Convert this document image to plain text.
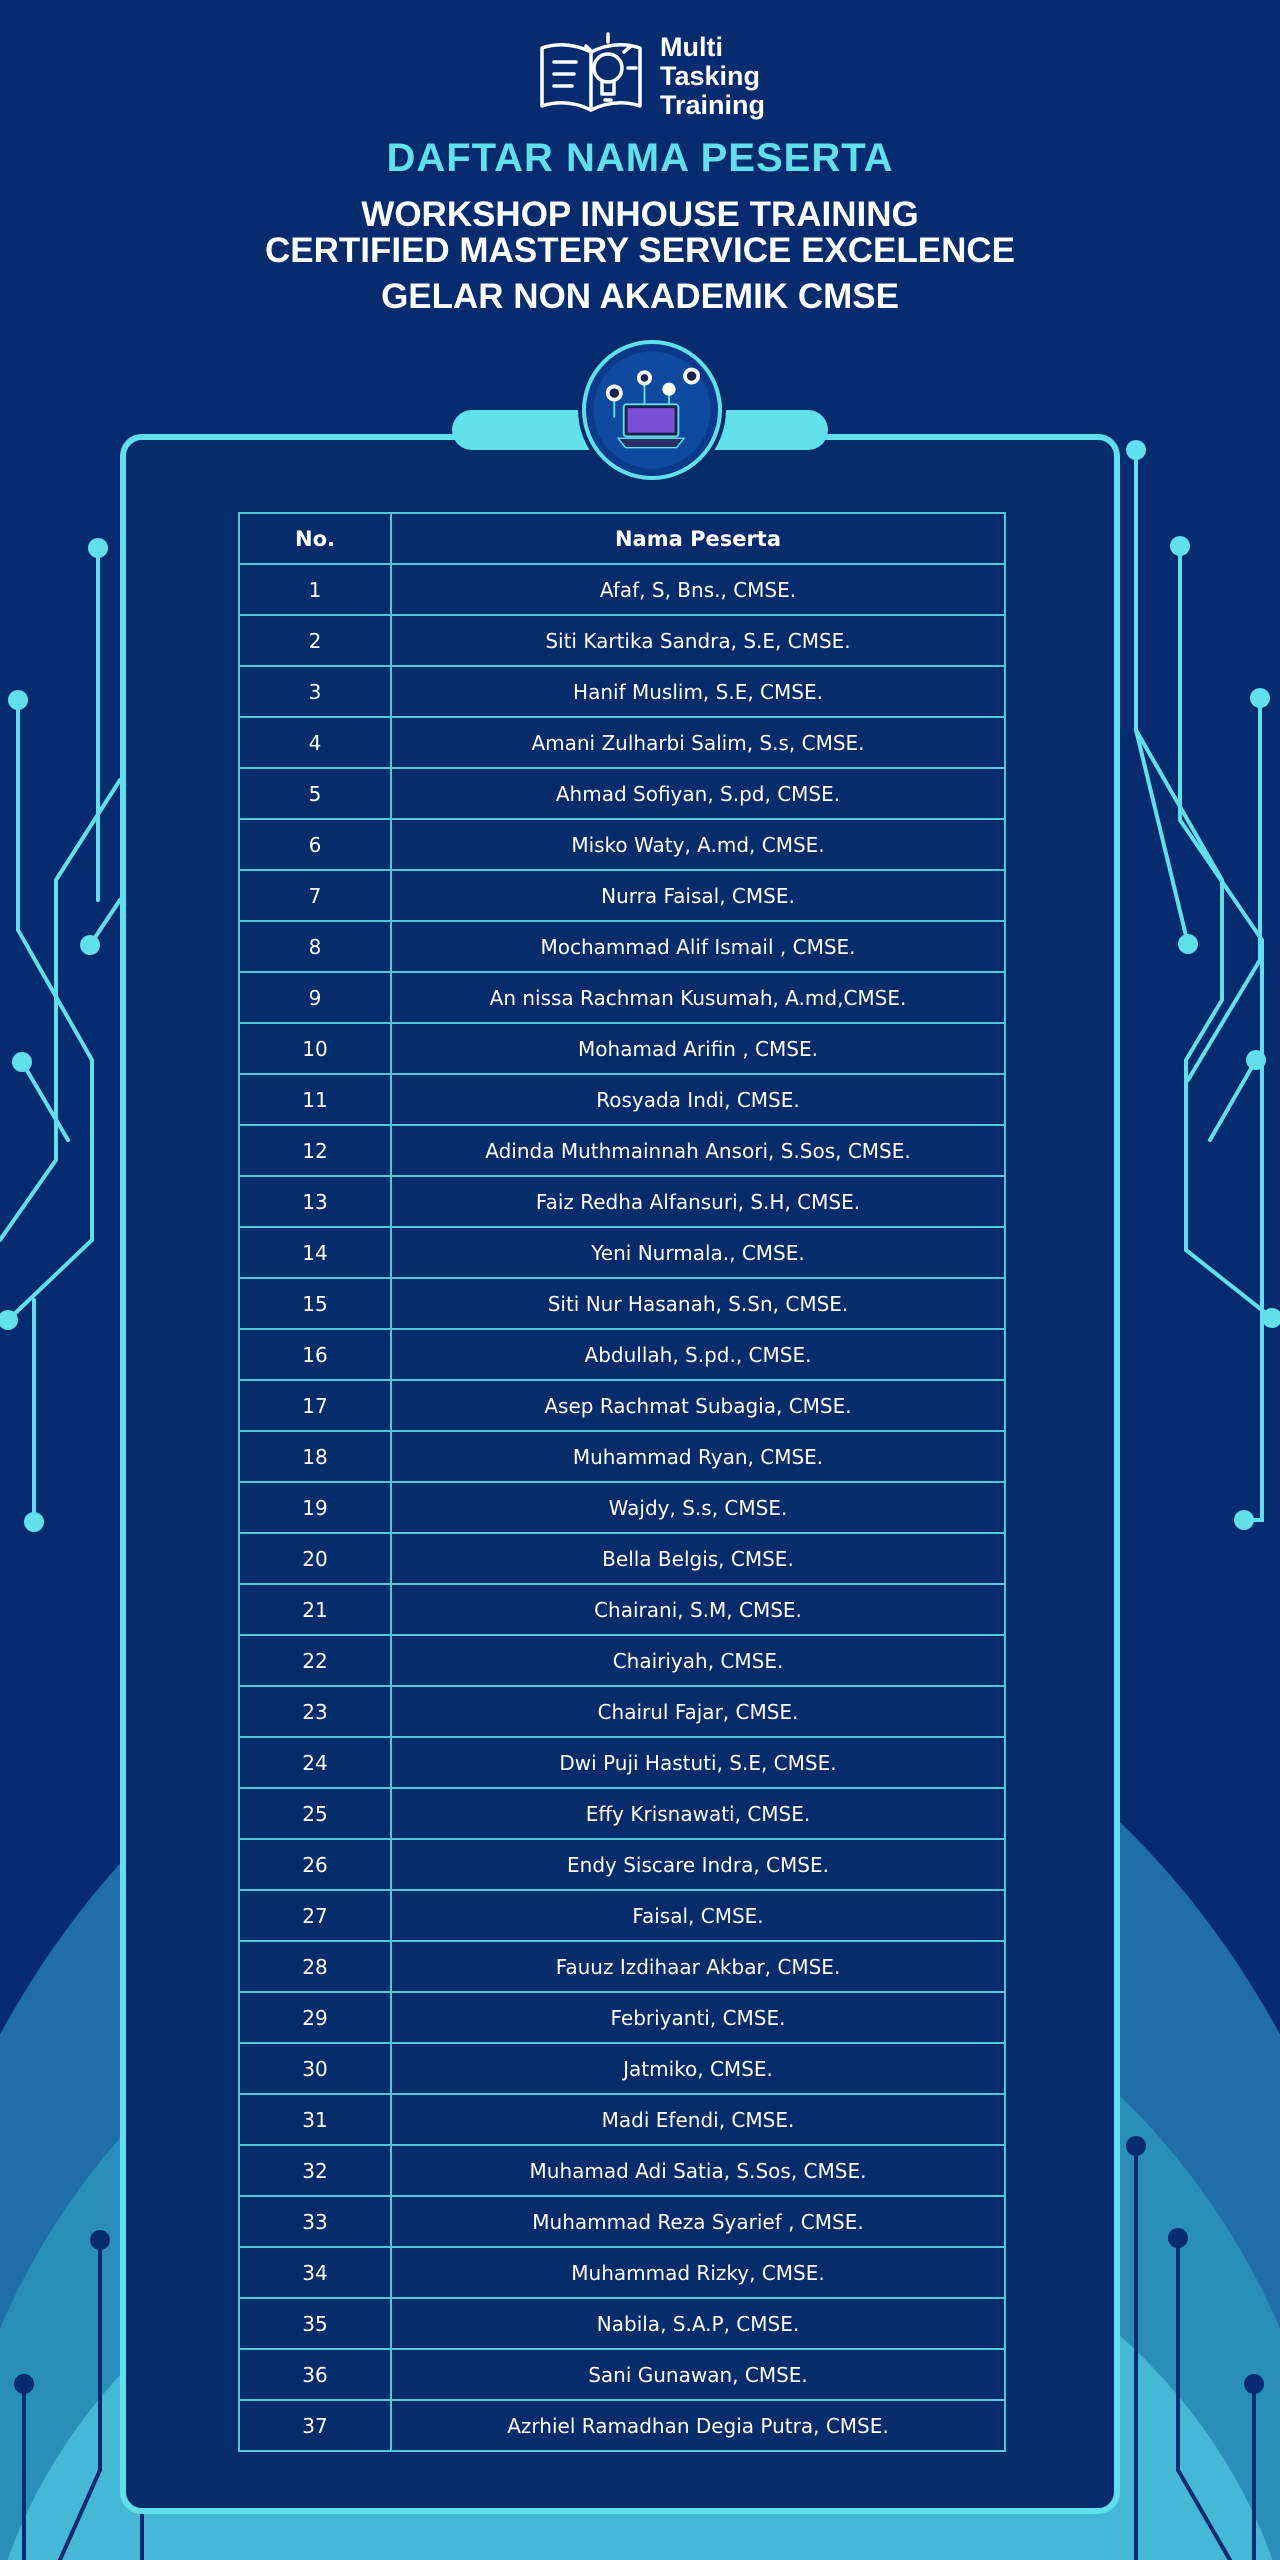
Multi
Tasking
Training
DAFTAR NAMA PESERTA
WORKSHOP INHOUSE TRAINING
CERTIFIED MASTERY SERVICE EXCELENCE
GELAR NON AKADEMIK CMSE
No.	Nama Peserta
1	Afaf, S, Bns., CMSE.
2	Siti Kartika Sandra, S.E, CMSE.
3	Hanif Muslim, S.E, CMSE.
4	Amani Zulharbi Salim, S.s, CMSE.
5	Ahmad Sofiyan, S.pd, CMSE.
6	Misko Waty, A.md, CMSE.
7	Nurra Faisal, CMSE.
8	Mochammad Alif Ismail , CMSE.
9	An nissa Rachman Kusumah, A.md,CMSE.
10	Mohamad Arifin , CMSE.
11	Rosyada Indi, CMSE.
12	Adinda Muthmainnah Ansori, S.Sos, CMSE.
13	Faiz Redha Alfansuri, S.H, CMSE.
14	Yeni Nurmala., CMSE.
15	Siti Nur Hasanah, S.Sn, CMSE.
16	Abdullah, S.pd., CMSE.
17	Asep Rachmat Subagia, CMSE.
18	Muhammad Ryan, CMSE.
19	Wajdy, S.s, CMSE.
20	Bella Belgis, CMSE.
21	Chairani, S.M, CMSE.
22	Chairiyah, CMSE.
23	Chairul Fajar, CMSE.
24	Dwi Puji Hastuti, S.E, CMSE.
25	Effy Krisnawati, CMSE.
26	Endy Siscare Indra, CMSE.
27	Faisal, CMSE.
28	Fauuz Izdihaar Akbar, CMSE.
29	Febriyanti, CMSE.
30	Jatmiko, CMSE.
31	Madi Efendi, CMSE.
32	Muhamad Adi Satia, S.Sos, CMSE.
33	Muhammad Reza Syarief , CMSE.
34	Muhammad Rizky, CMSE.
35	Nabila, S.A.P, CMSE.
36	Sani Gunawan, CMSE.
37	Azrhiel Ramadhan Degia Putra, CMSE.
